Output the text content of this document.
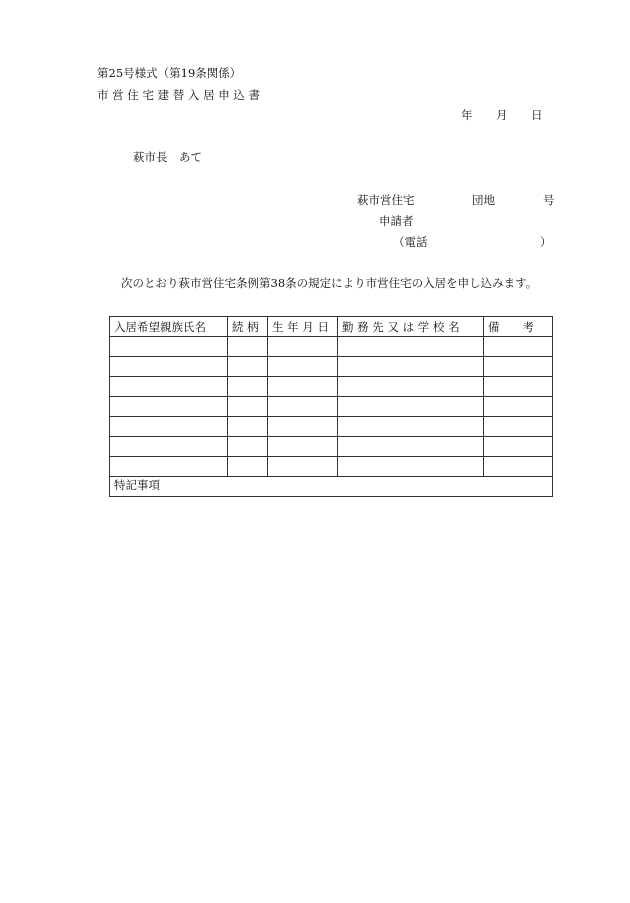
第25号様式（第19条関係）
市 営 住 宅 建 替 入 居 申 込 書
年 月 日
萩市長　あて
萩市営住宅	団地	号
申請者
（電話	）
次のとおり萩市営住宅条例第38条の規定により市営住宅の入居を申し込みます。
入居希望親族氏名	続 柄	生 年 月 日	勤 務 先 又 は 学 校 名	備　　考

特記事項				
